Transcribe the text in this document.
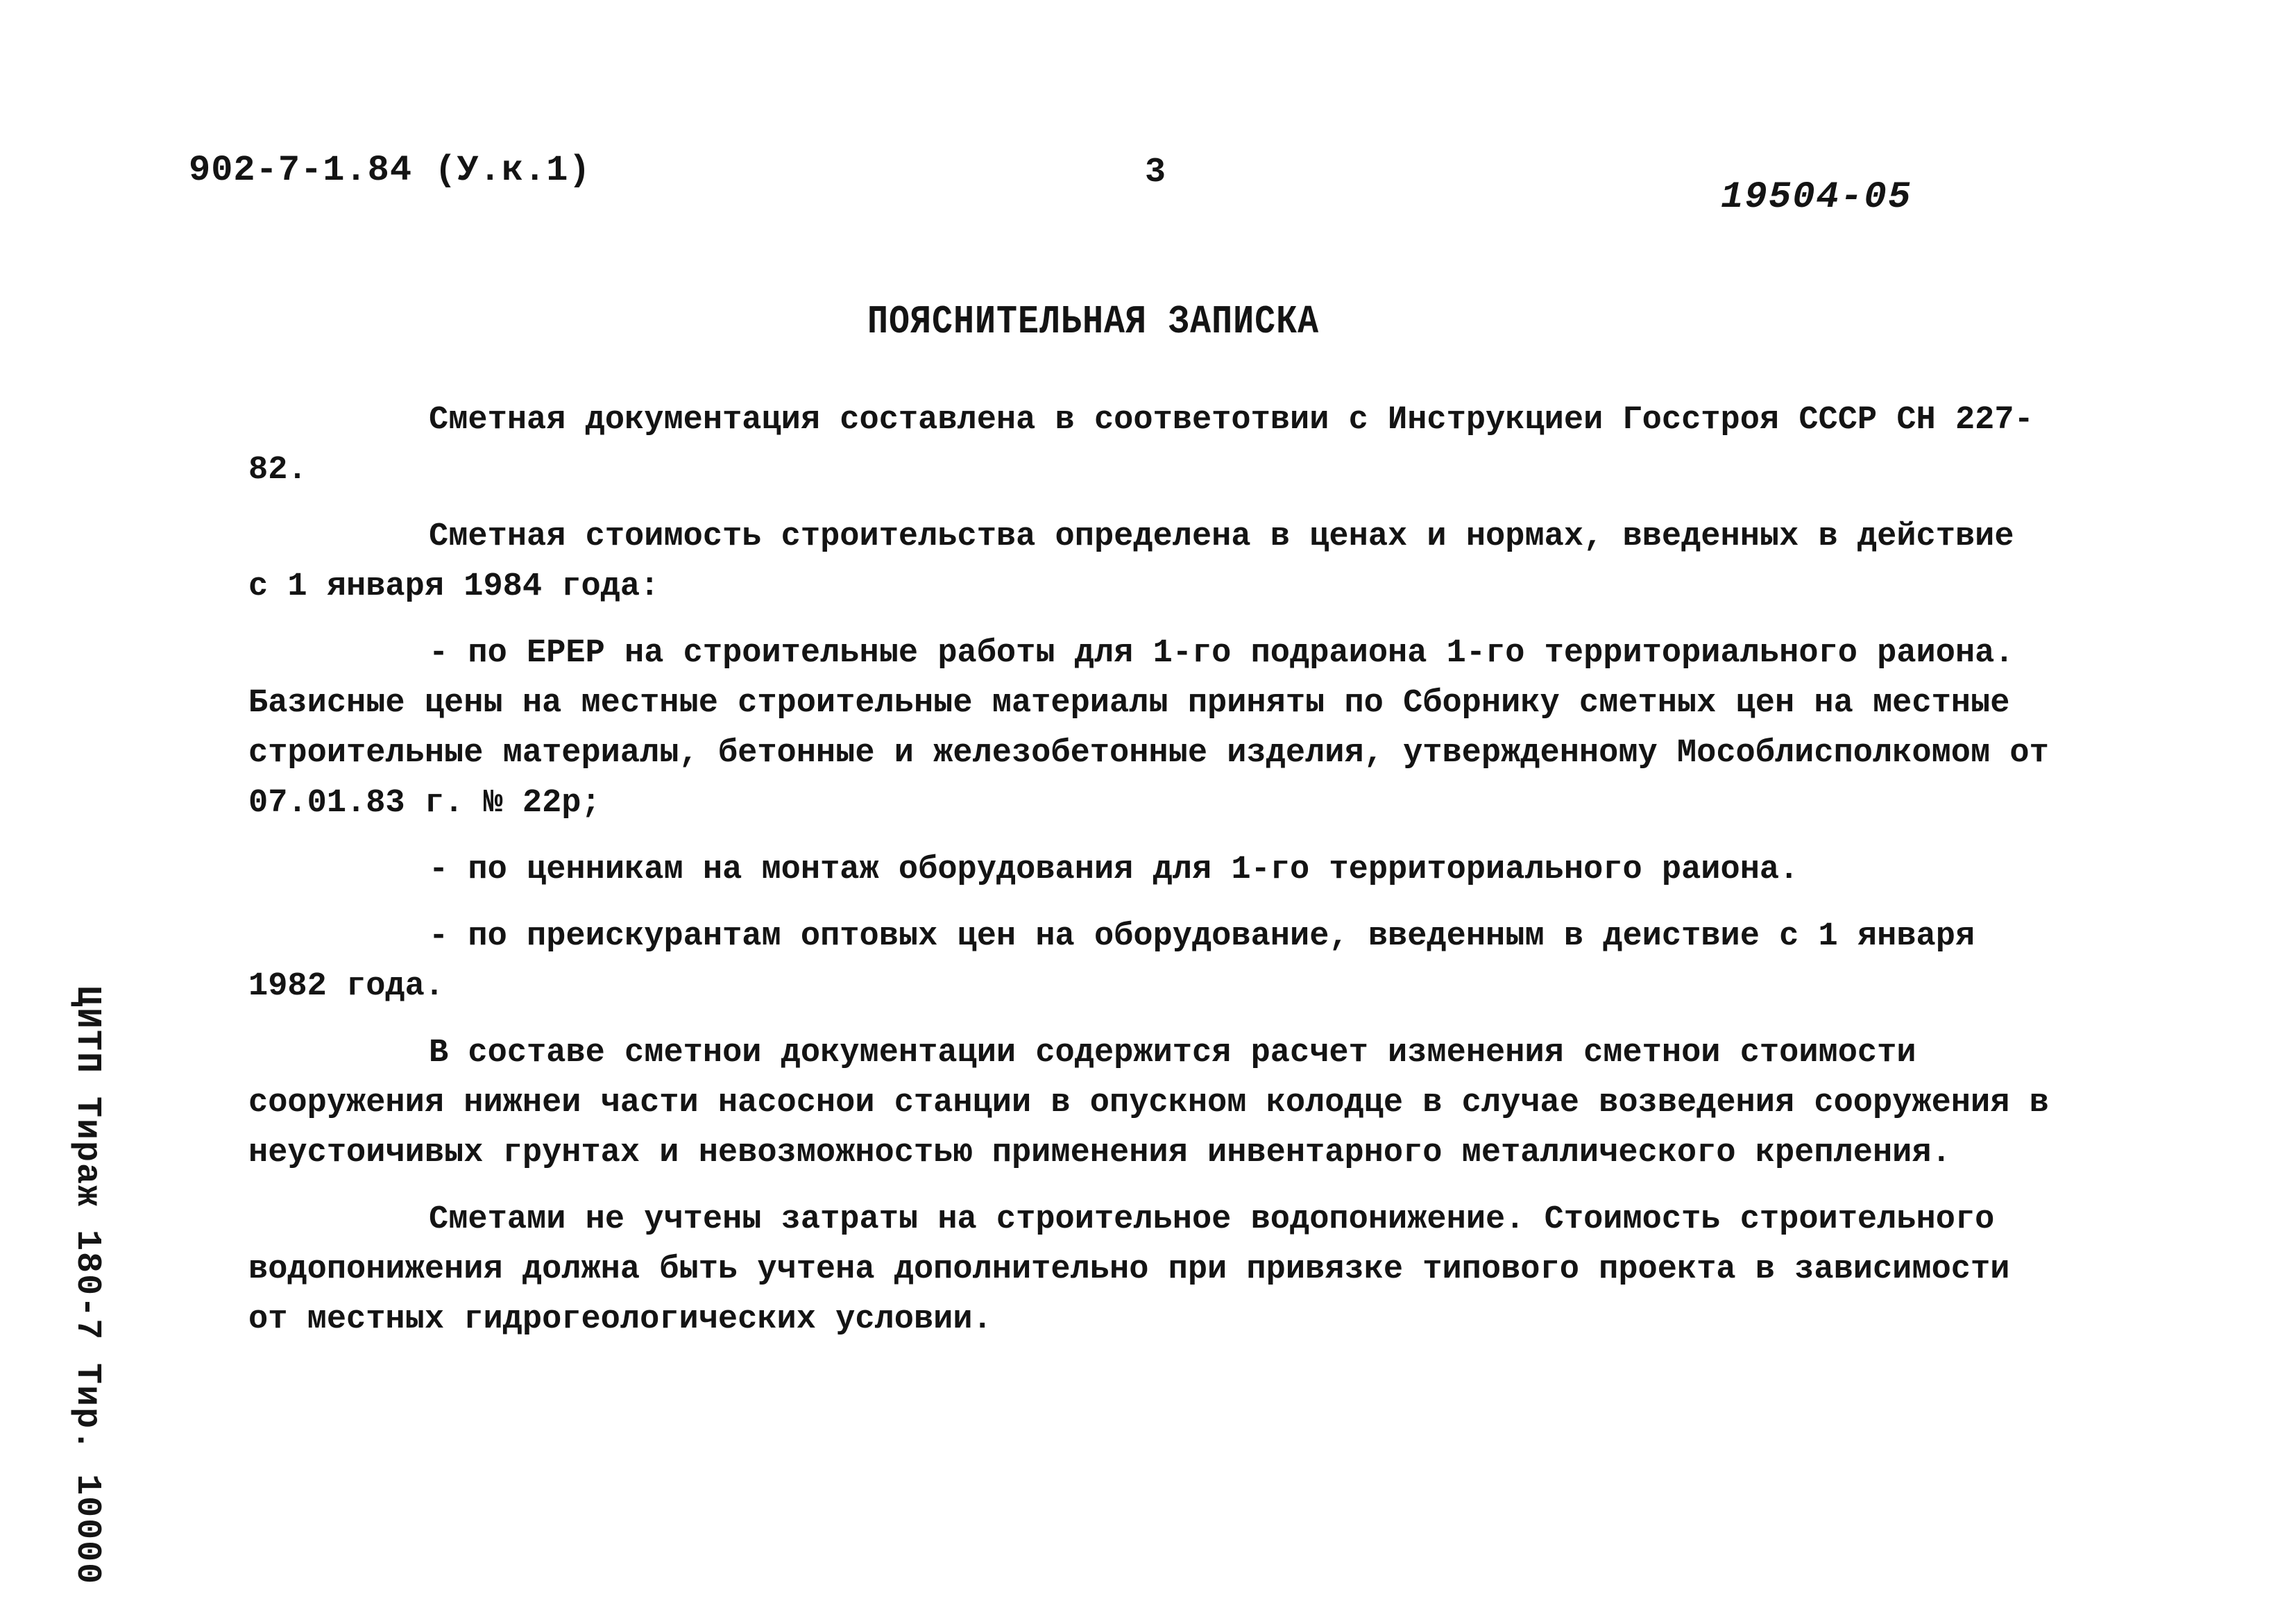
902-7-1.84 (У.к.1)	3
19504-05
ПОЯСНИТЕЛЬНАЯ ЗАПИСКА

Сметная документация составлена в соответотвии с Инструкциеи Госстроя СССР СН 227-82.

Сметная стоимость строительства определена в ценах и нормах, введенных в действие с 1 января 1984 года:

- по ЕРЕР на строительные работы для 1-го подраиона 1-го территориального раиона. Базисные цены на местные строительные материалы приняты по Сборнику сметных цен на местные строительные материалы, бетонные и железобетонные изделия, утвержденному Мособлисполкомом от 07.01.83 г. № 22р;

- по ценникам на монтаж оборудования для 1-го территориального раиона.

- по преискурантам оптовых цен на оборудование, введенным в деиствие с 1 января 1982 года.

В составе сметнои документации содержится расчет изменения сметнои стоимости сооружения нижнеи части насоснои станции в опускном колодце в случае возведения сооружения в неустоичивых грунтах и невозможностью применения инвентарного металлического крепления.

Сметами не учтены затраты на строительное водопонижение. Стоимость строительного водопонижения должна быть учтена дополнительно при привязке типового проекта в зависимости от местных гидрогеологических условии.

ЦИТП Тираж 180-7 Тир. 10000
